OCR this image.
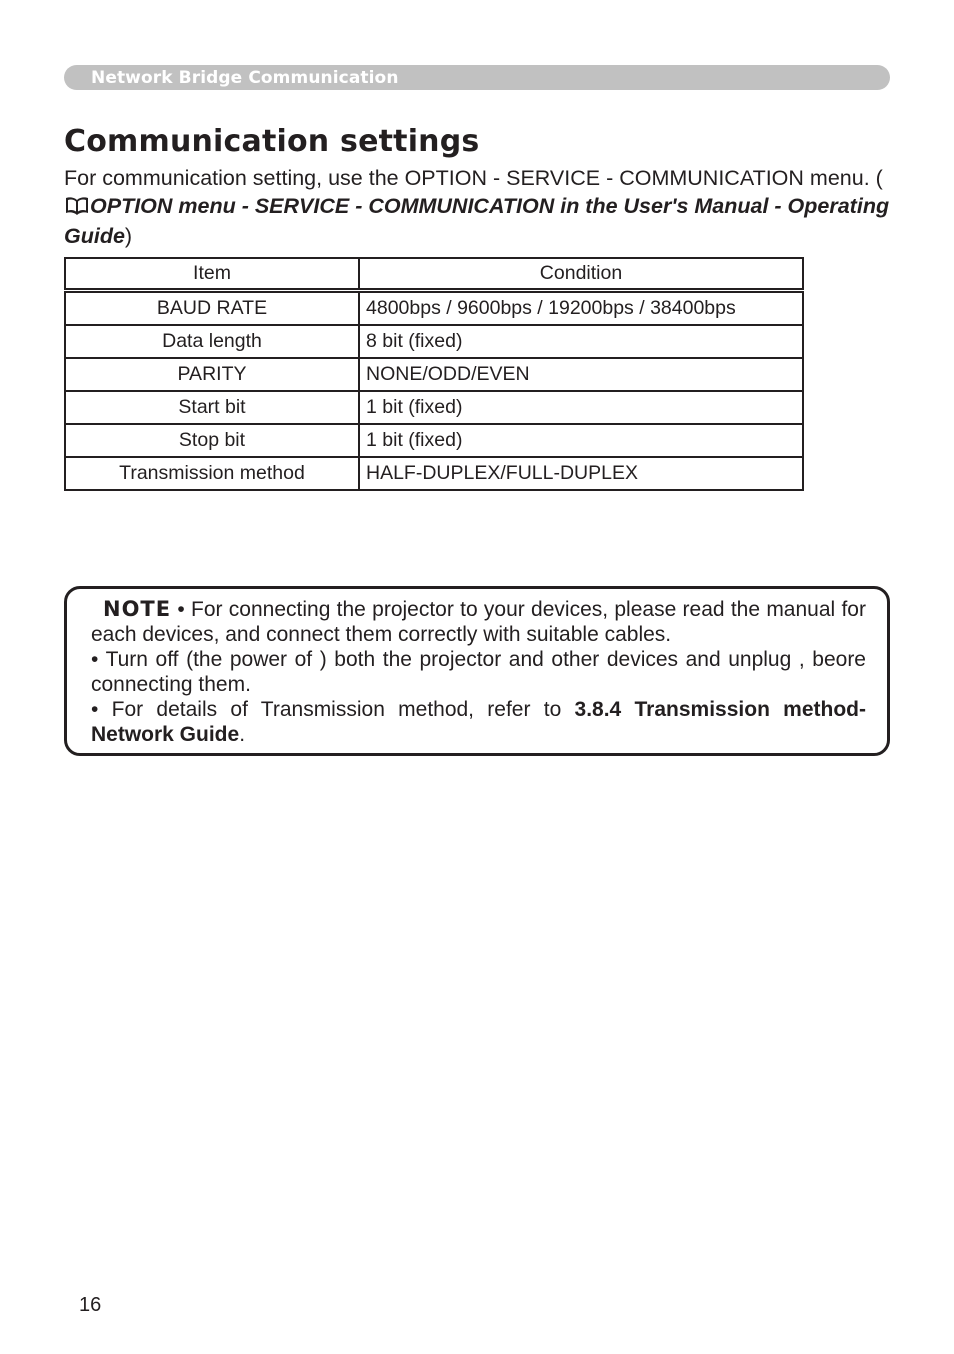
Network Bridge Communication
Communication settings

For communication setting, use the OPTION - SERVICE - COMMUNICATION menu. (OPTION menu - SERVICE - COMMUNICATION in the User's Manual - Operating Guide)

Item	Condition
BAUD RATE	4800bps / 9600bps / 19200bps / 38400bps
Data length	8 bit (fixed)
PARITY	NONE/ODD/EVEN
Start bit	1 bit (fixed)
Stop bit	1 bit (fixed)
Transmission method	HALF-DUPLEX/FULL-DUPLEX

NOTE • For connecting the projector to your devices, please read the manual for each devices, and connect them correctly with suitable cables.
• Turn off (the power of ) both the projector and other devices and unplug , beore connecting them.
• For details of Transmission method, refer to 3.8.4 Transmission method- Network Guide.

16
